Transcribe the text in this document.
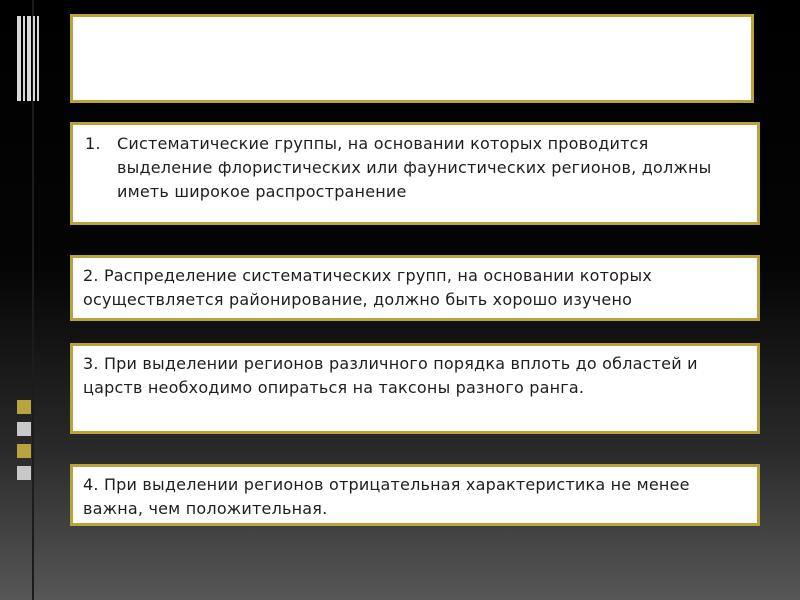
1.	Систематические группы, на основании которых проводится выделение флористических или фаунистических регионов, должны иметь широкое распространение
2. Распределение систематических групп, на основании которых осуществляется районирование, должно быть хорошо изучено
3. При выделении регионов различного порядка вплоть до областей и царств необходимо опираться на таксоны разного ранга.
4. При выделении регионов отрицательная характеристика не менее важна, чем положительная.
